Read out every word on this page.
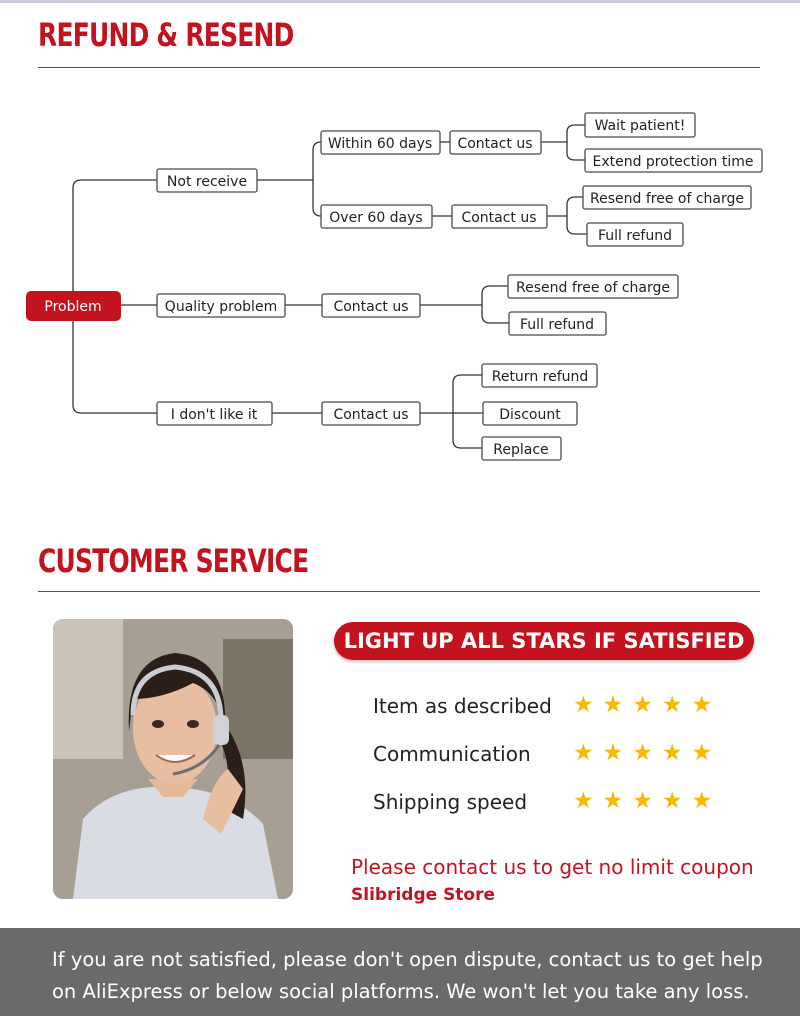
REFUND & RESEND
Problem
Not receive
Within 60 days Contact us
Wait patient!
Extend protection time
Over 60 days	Contact us
Resend free of charge
Full refund
Quality problem	Contact us
Resend free of charge
Full refund
I don't like it	Contact us
Return refund
Discount
Replace
CUSTOMER SERVICE
LIGHT UP ALL STARS IF SATISFIED
Item as described ★★★★★
Communication ★★★★★
Shipping speed ★★★★★
Please contact us to get no limit coupon
Slibridge Store
If you are not satisfied, please don't open dispute, contact us to get help
on AliExpress or below social platforms. We won't let you take any loss.
